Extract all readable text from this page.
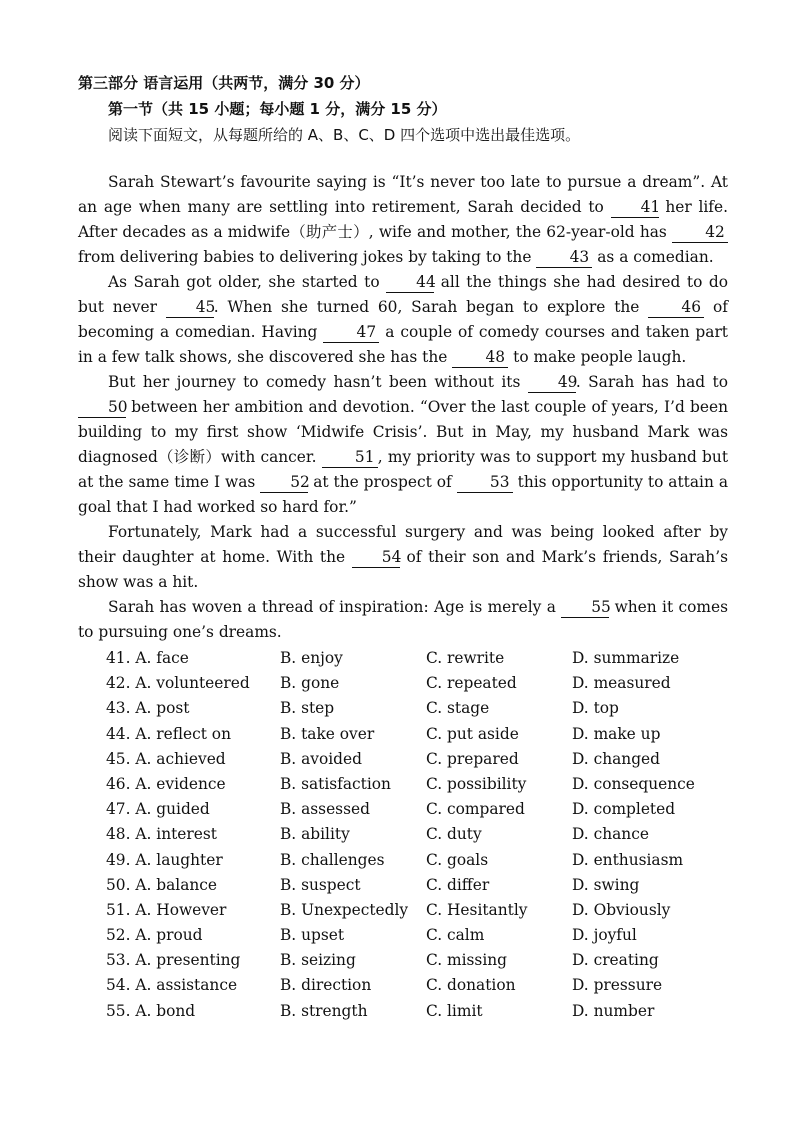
第三部分 语言运用（共两节，满分 30 分）
第一节（共 15 小题；每小题 1 分，满分 15 分）
阅读下面短文，从每题所给的 A、B、C、D 四个选项中选出最佳选项。

Sarah Stewart’s favourite saying is “It’s never too late to pursue a dream”. At an age when many are settling into retirement, Sarah decided to 41 her life. After decades as a midwife（助产士）, wife and mother, the 62-year-old has 42 from delivering babies to delivering jokes by taking to the 43 as a comedian.

As Sarah got older, she started to 44 all the things she had desired to do but never 45. When she turned 60, Sarah began to explore the 46 of becoming a comedian. Having 47 a couple of comedy courses and taken part in a few talk shows, she discovered she has the 48 to make people laugh.

But her journey to comedy hasn’t been without its 49. Sarah has had to 50 between her ambition and devotion. “Over the last couple of years, I’d been building to my first show ‘Midwife Crisis’. But in May, my husband Mark was diagnosed（诊断）with cancer. 51 , my priority was to support my husband but at the same time I was 52 at the prospect of 53 this opportunity to attain a goal that I had worked so hard for.”

Fortunately, Mark had a successful surgery and was being looked after by their daughter at home. With the 54 of their son and Mark’s friends, Sarah’s show was a hit.

Sarah has woven a thread of inspiration: Age is merely a 55 when it comes to pursuing one’s dreams.

41. A. face	B. enjoy	C. rewrite	D. summarize
42. A. volunteered	B. gone	C. repeated	D. measured
43. A. post	B. step	C. stage	D. top
44. A. reflect on	B. take over	C. put aside	D. make up
45. A. achieved	B. avoided	C. prepared	D. changed
46. A. evidence	B. satisfaction	C. possibility	D. consequence
47. A. guided	B. assessed	C. compared	D. completed
48. A. interest	B. ability	C. duty	D. chance
49. A. laughter	B. challenges	C. goals	D. enthusiasm
50. A. balance	B. suspect	C. differ	D. swing
51. A. However	B. Unexpectedly	C. Hesitantly	D. Obviously
52. A. proud	B. upset	C. calm	D. joyful
53. A. presenting	B. seizing	C. missing	D. creating
54. A. assistance	B. direction	C. donation	D. pressure
55. A. bond	B. strength	C. limit	D. number
